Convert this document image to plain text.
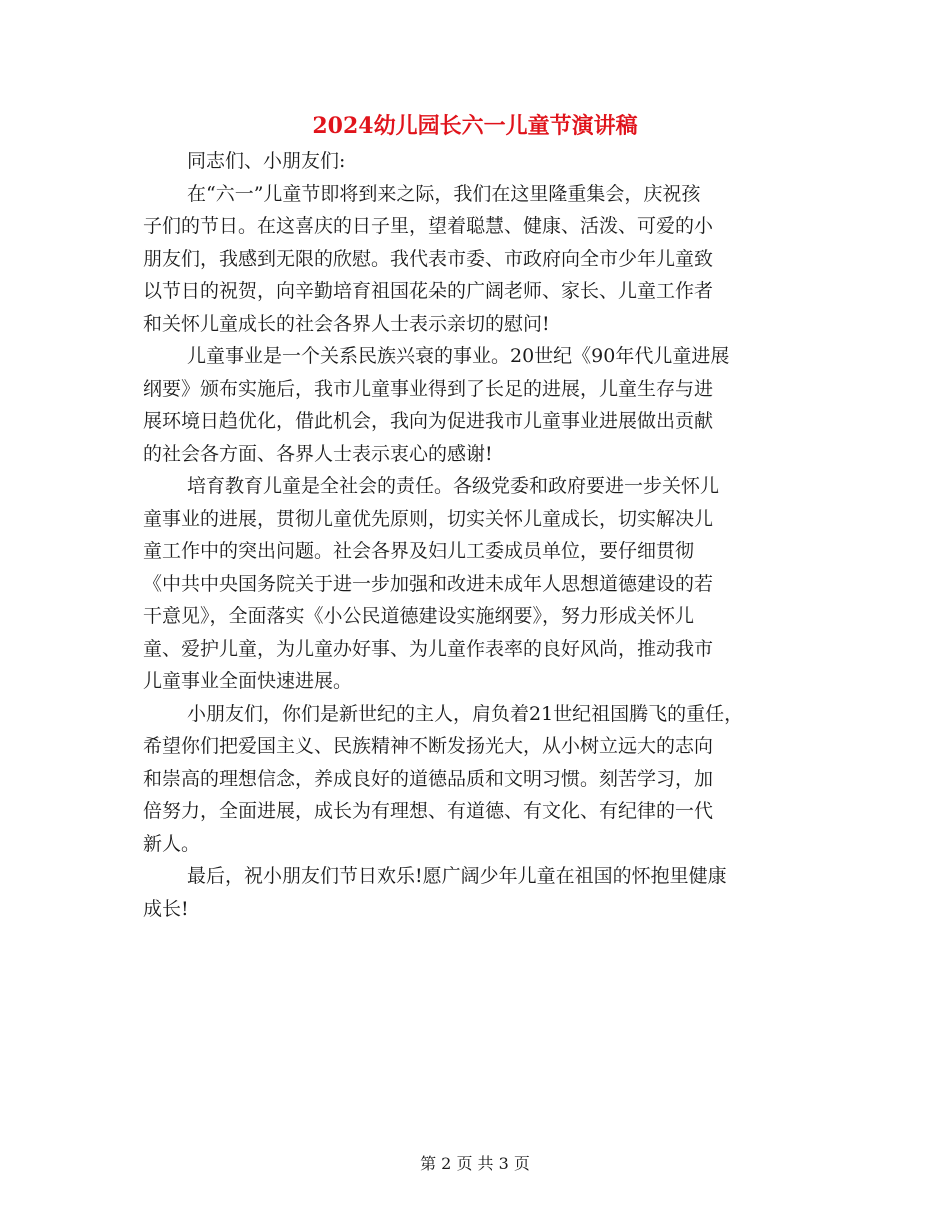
2024幼儿园长六一儿童节演讲稿

同志们、小朋友们:

在“六一”儿童节即将到来之际，我们在这里隆重集会，庆祝孩
子们的节日。在这喜庆的日子里，望着聪慧、健康、活泼、可爱的小
朋友们，我感到无限的欣慰。我代表市委、市政府向全市少年儿童致
以节日的祝贺，向辛勤培育祖国花朵的广阔老师、家长、儿童工作者
和关怀儿童成长的社会各界人士表示亲切的慰问!

儿童事业是一个关系民族兴衰的事业。20世纪《90年代儿童进展
纲要》颁布实施后，我市儿童事业得到了长足的进展，儿童生存与进
展环境日趋优化，借此机会，我向为促进我市儿童事业进展做出贡献
的社会各方面、各界人士表示衷心的感谢!

培育教育儿童是全社会的责任。各级党委和政府要进一步关怀儿
童事业的进展，贯彻儿童优先原则，切实关怀儿童成长，切实解决儿
童工作中的突出问题。社会各界及妇儿工委成员单位，要仔细贯彻
《中共中央国务院关于进一步加强和改进未成年人思想道德建设的若
干意见》，全面落实《小公民道德建设实施纲要》，努力形成关怀儿
童、爱护儿童，为儿童办好事、为儿童作表率的良好风尚，推动我市
儿童事业全面快速进展。

小朋友们，你们是新世纪的主人，肩负着21世纪祖国腾飞的重任，
希望你们把爱国主义、民族精神不断发扬光大，从小树立远大的志向
和崇高的理想信念，养成良好的道德品质和文明习惯。刻苦学习，加
倍努力，全面进展，成长为有理想、有道德、有文化、有纪律的一代
新人。

最后，祝小朋友们节日欢乐!愿广阔少年儿童在祖国的怀抱里健康
成长!

第 2 页 共 3 页
